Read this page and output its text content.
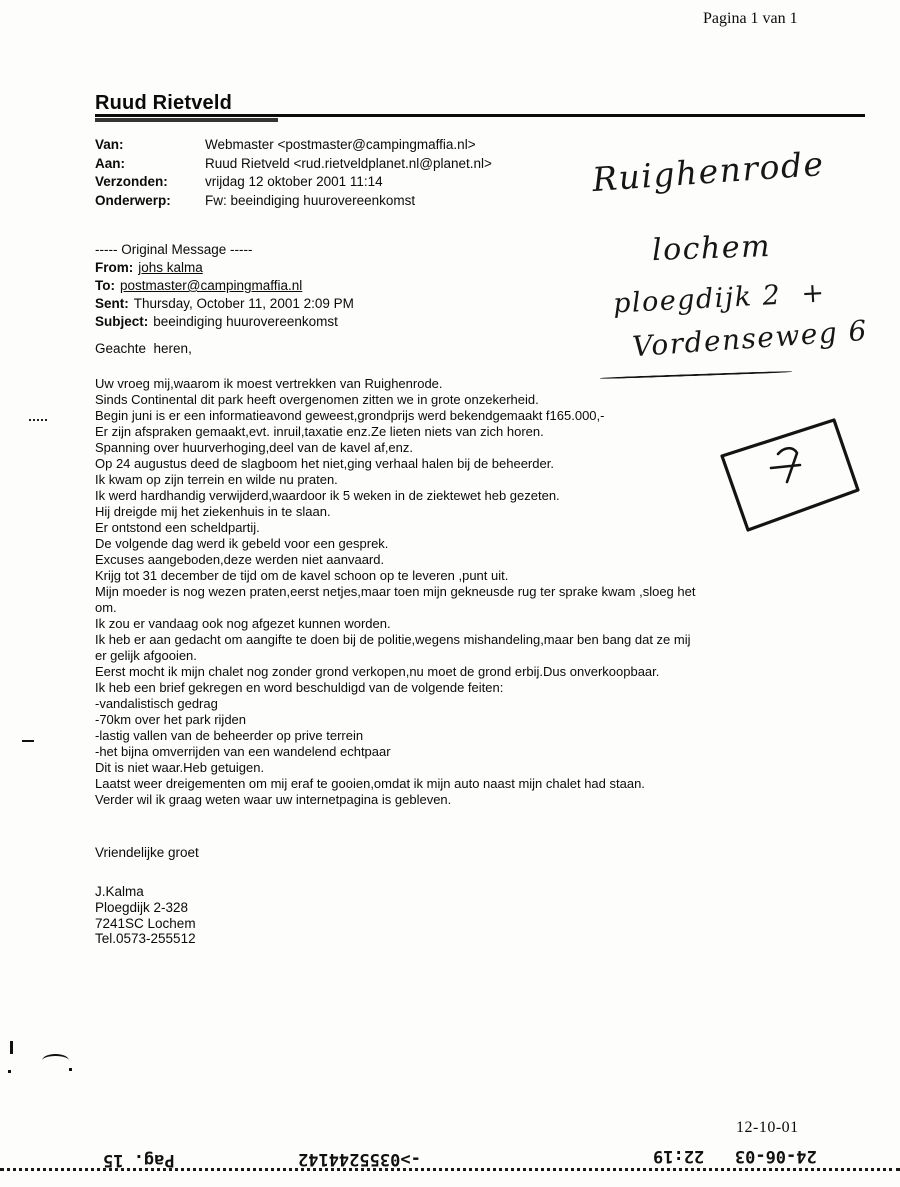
Pagina 1 van 1
Ruud Rietveld
Van:	Webmaster <postmaster@campingmaffia.nl>
Aan:	Ruud Rietveld <rud.rietveldplanet.nl@planet.nl>
Verzonden:	vrijdag 12 oktober 2001 11:14
Onderwerp:	Fw: beeindiging huurovereenkomst
----- Original Message -----
From: johs kalma
To: postmaster@campingmaffia.nl
Sent: Thursday, October 11, 2001 2:09 PM
Subject: beeindiging huurovereenkomst
Geachte  heren,
Uw vroeg mij,waarom ik moest vertrekken van Ruighenrode.
Sinds Continental dit park heeft overgenomen zitten we in grote onzekerheid.
Begin juni is er een informatieavond geweest,grondprijs werd bekendgemaakt f165.000,-
Er zijn afspraken gemaakt,evt. inruil,taxatie enz.Ze lieten niets van zich horen.
Spanning over huurverhoging,deel van de kavel af,enz.
Op 24 augustus deed de slagboom het niet,ging verhaal halen bij de beheerder.
Ik kwam op zijn terrein en wilde nu praten.
Ik werd hardhandig verwijderd,waardoor ik 5 weken in de ziektewet heb gezeten.
Hij dreigde mij het ziekenhuis in te slaan.
Er ontstond een scheldpartij.
De volgende dag werd ik gebeld voor een gesprek.
Excuses aangeboden,deze werden niet aanvaard.
Krijg tot 31 december de tijd om de kavel schoon op te leveren ,punt uit.
Mijn moeder is nog wezen praten,eerst netjes,maar toen mijn gekneusde rug ter sprake kwam ,sloeg het
om.
Ik zou er vandaag ook nog afgezet kunnen worden.
Ik heb er aan gedacht om aangifte te doen bij de politie,wegens mishandeling,maar ben bang dat ze mij
er gelijk afgooien.
Eerst mocht ik mijn chalet nog zonder grond verkopen,nu moet de grond erbij.Dus onverkoopbaar.
Ik heb een brief gekregen en word beschuldigd van de volgende feiten:
-vandalistisch gedrag
-70km over het park rijden
-lastig vallen van de beheerder op prive terrein
-het bijna omverrijden van een wandelend echtpaar
Dit is niet waar.Heb getuigen.
Laatst weer dreigementen om mij eraf te gooien,omdat ik mijn auto naast mijn chalet had staan.
Verder wil ik graag weten waar uw internetpagina is gebleven.
Vriendelijke groet
J.Kalma
Ploegdijk 2-328
7241SC Lochem
Tel.0573-255512
Ruighenrode
lochem
ploegdijk 2  +
Vordenseweg 6
12-10-01
Pag. 15	->0355244142	24-06-03   22:19
